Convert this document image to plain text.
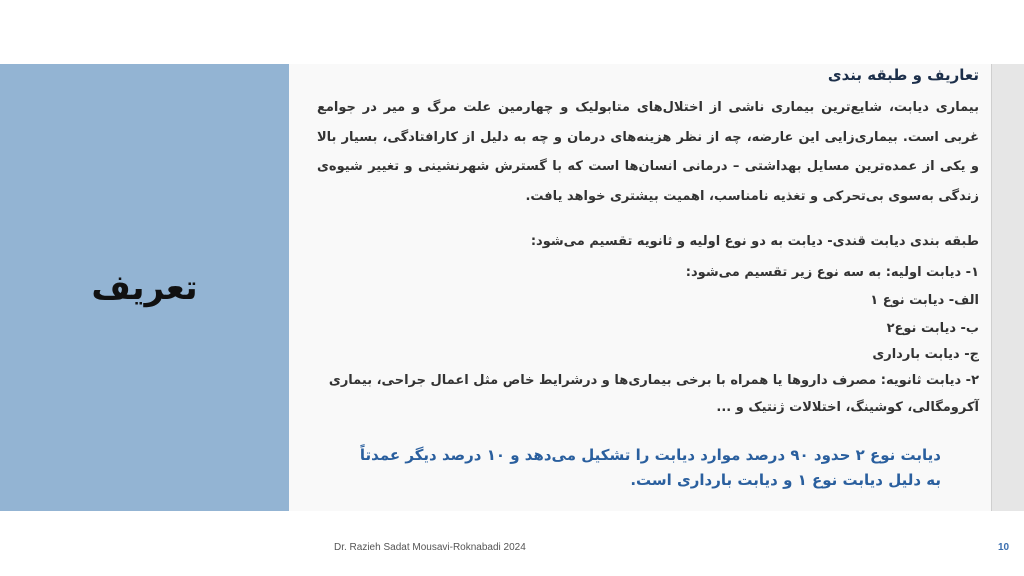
تعریف
تعاریف و طبقه بندی
بیماری دیابت، شایع‌ترین بیماری ناشی از اختلال‌های متابولیک و چهارمین علت مرگ و میر در جوامع غربی است. بیماری‌زایی این عارضه، چه از نظر هزینه‌های درمان و چه به دلیل از کارافتادگی، بسیار بالا و یکی از عمده‌ترین مسایل بهداشتی – درمانی انسان‌ها است که با گسترش شهرنشینی و تغییر شیوه‌ی زندگی به‌سوی بی‌تحرکی و تغذیه نامناسب، اهمیت بیشتری خواهد یافت.
طبقه بندی دیابت قندی- دیابت به دو نوع اولیه و ثانویه تقسیم می‌شود:
۱- دیابت اولیه: به سه نوع زیر تقسیم می‌شود:
الف- دیابت نوع ۱
ب- دیابت نوع۲
ج- دیابت بارداری
۲- دیابت ثانویه: مصرف داروها یا همراه با برخی بیماری‌ها و درشرایط خاص مثل اعمال جراحی، بیماری
آکرومگالی، کوشینگ، اختلالات ژنتیک و ...
دیابت نوع ۲ حدود ۹۰ درصد موارد دیابت را تشکیل می‌دهد و ۱۰ درصد دیگر عمدتاً به دلیل دیابت نوع ۱ و دیابت بارداری است.
Dr. Razieh Sadat Mousavi-Roknabadi 2024	10
